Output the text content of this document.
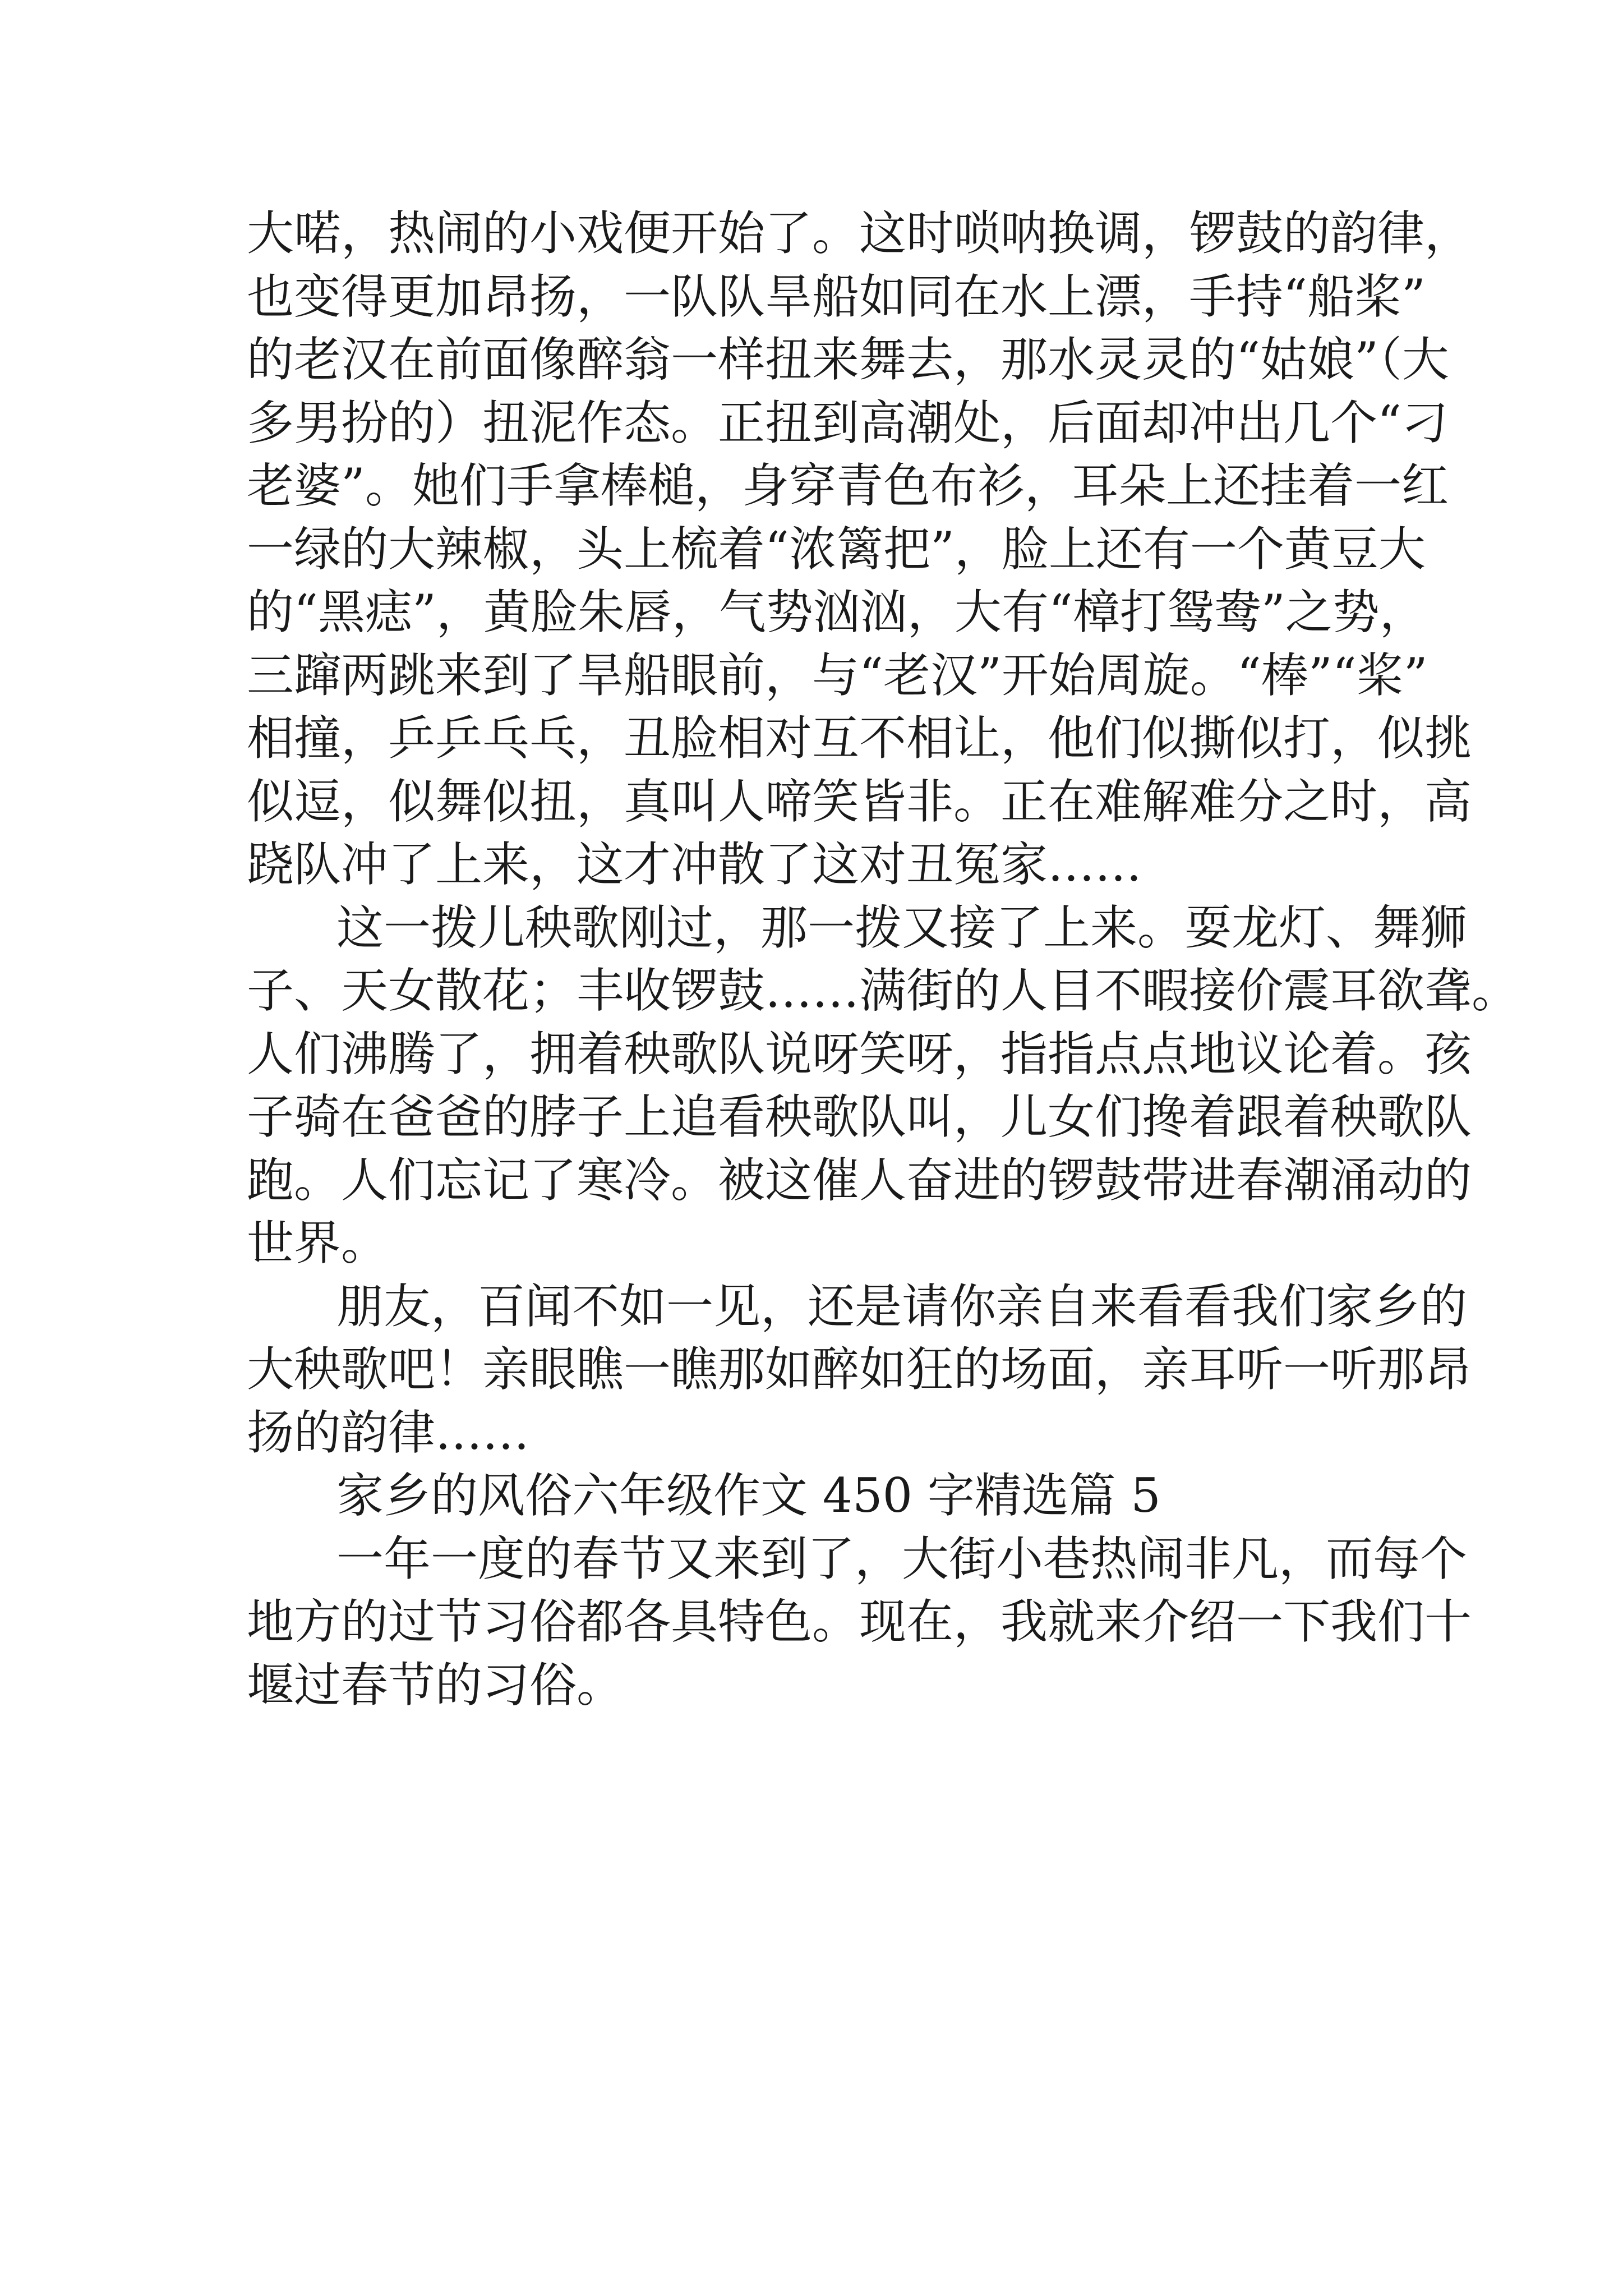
大喏，热闹的小戏便开始了。这时唢呐换调，锣鼓的韵律，
也变得更加昂扬，一队队旱船如同在水上漂，手持“船桨”
的老汉在前面像醉翁一样扭来舞去，那水灵灵的“姑娘”（大
多男扮的）扭泥作态。正扭到高潮处，后面却冲出几个“刁
老婆”。她们手拿棒槌，身穿青色布衫，耳朵上还挂着一红
一绿的大辣椒，头上梳着“浓篱把”，脸上还有一个黄豆大
的“黑痣”，黄脸朱唇，气势汹汹，大有“樟打鸳鸯”之势，
三蹿两跳来到了旱船眼前，与“老汉”开始周旋。“棒”“桨”
相撞，乒乒乓乓，丑脸相对互不相让，他们似撕似打，似挑
似逗，似舞似扭，真叫人啼笑皆非。正在难解难分之时，高
跷队冲了上来，这才冲散了这对丑冤家……
这一拨儿秧歌刚过，那一拨又接了上来。耍龙灯、舞狮
子、天女散花；丰收锣鼓……满街的人目不暇接价震耳欲聋。
人们沸腾了，拥着秧歌队说呀笑呀，指指点点地议论着。孩
子骑在爸爸的脖子上追看秧歌队叫，儿女们搀着跟着秧歌队
跑。人们忘记了寒冷。被这催人奋进的锣鼓带进春潮涌动的
世界。
朋友，百闻不如一见，还是请你亲自来看看我们家乡的
大秧歌吧！亲眼瞧一瞧那如醉如狂的场面，亲耳听一听那昂
扬的韵律……
家乡的风俗六年级作文 450 字精选篇 5
一年一度的春节又来到了，大街小巷热闹非凡，而每个
地方的过节习俗都各具特色。现在，我就来介绍一下我们十
堰过春节的习俗。
